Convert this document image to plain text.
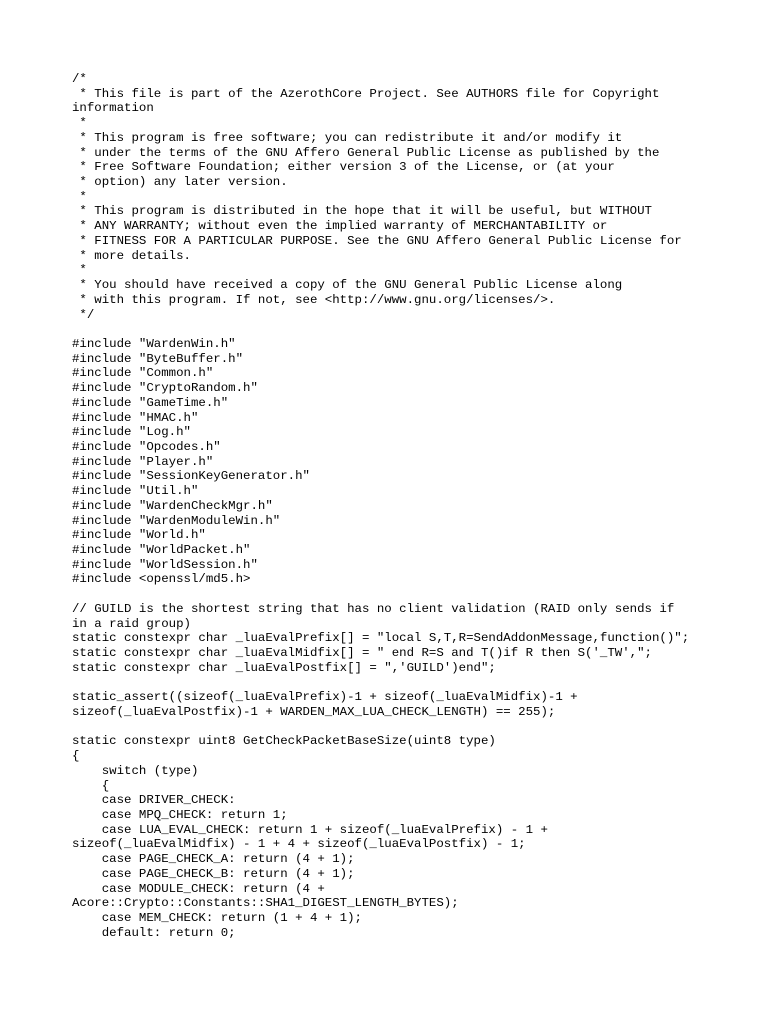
/*
* This file is part of the AzerothCore Project. See AUTHORS file for Copyright
information
*
* This program is free software; you can redistribute it and/or modify it
* under the terms of the GNU Affero General Public License as published by the
* Free Software Foundation; either version 3 of the License, or (at your
* option) any later version.
*
* This program is distributed in the hope that it will be useful, but WITHOUT
* ANY WARRANTY; without even the implied warranty of MERCHANTABILITY or
* FITNESS FOR A PARTICULAR PURPOSE. See the GNU Affero General Public License for
* more details.
*
* You should have received a copy of the GNU General Public License along
* with this program. If not, see <http://www.gnu.org/licenses/>.
*/
#include "WardenWin.h"
#include "ByteBuffer.h"
#include "Common.h"
#include "CryptoRandom.h"
#include "GameTime.h"
#include "HMAC.h"
#include "Log.h"
#include "Opcodes.h"
#include "Player.h"
#include "SessionKeyGenerator.h"
#include "Util.h"
#include "WardenCheckMgr.h"
#include "WardenModuleWin.h"
#include "World.h"
#include "WorldPacket.h"
#include "WorldSession.h"
#include <openssl/md5.h>
// GUILD is the shortest string that has no client validation (RAID only sends if
in a raid group)
static constexpr char _luaEvalPrefix[] = "local S,T,R=SendAddonMessage,function()";
static constexpr char _luaEvalMidfix[] = " end R=S and T()if R then S('_TW',";
static constexpr char _luaEvalPostfix[] = ",'GUILD')end";
static_assert((sizeof(_luaEvalPrefix)-1 + sizeof(_luaEvalMidfix)-1 +
sizeof(_luaEvalPostfix)-1 + WARDEN_MAX_LUA_CHECK_LENGTH) == 255);
static constexpr uint8 GetCheckPacketBaseSize(uint8 type)
{
switch (type)
{
case DRIVER_CHECK:
case MPQ_CHECK: return 1;
case LUA_EVAL_CHECK: return 1 + sizeof(_luaEvalPrefix) - 1 +
sizeof(_luaEvalMidfix) - 1 + 4 + sizeof(_luaEvalPostfix) - 1;
case PAGE_CHECK_A: return (4 + 1);
case PAGE_CHECK_B: return (4 + 1);
case MODULE_CHECK: return (4 +
Acore::Crypto::Constants::SHA1_DIGEST_LENGTH_BYTES);
case MEM_CHECK: return (1 + 4 + 1);
default: return 0;
